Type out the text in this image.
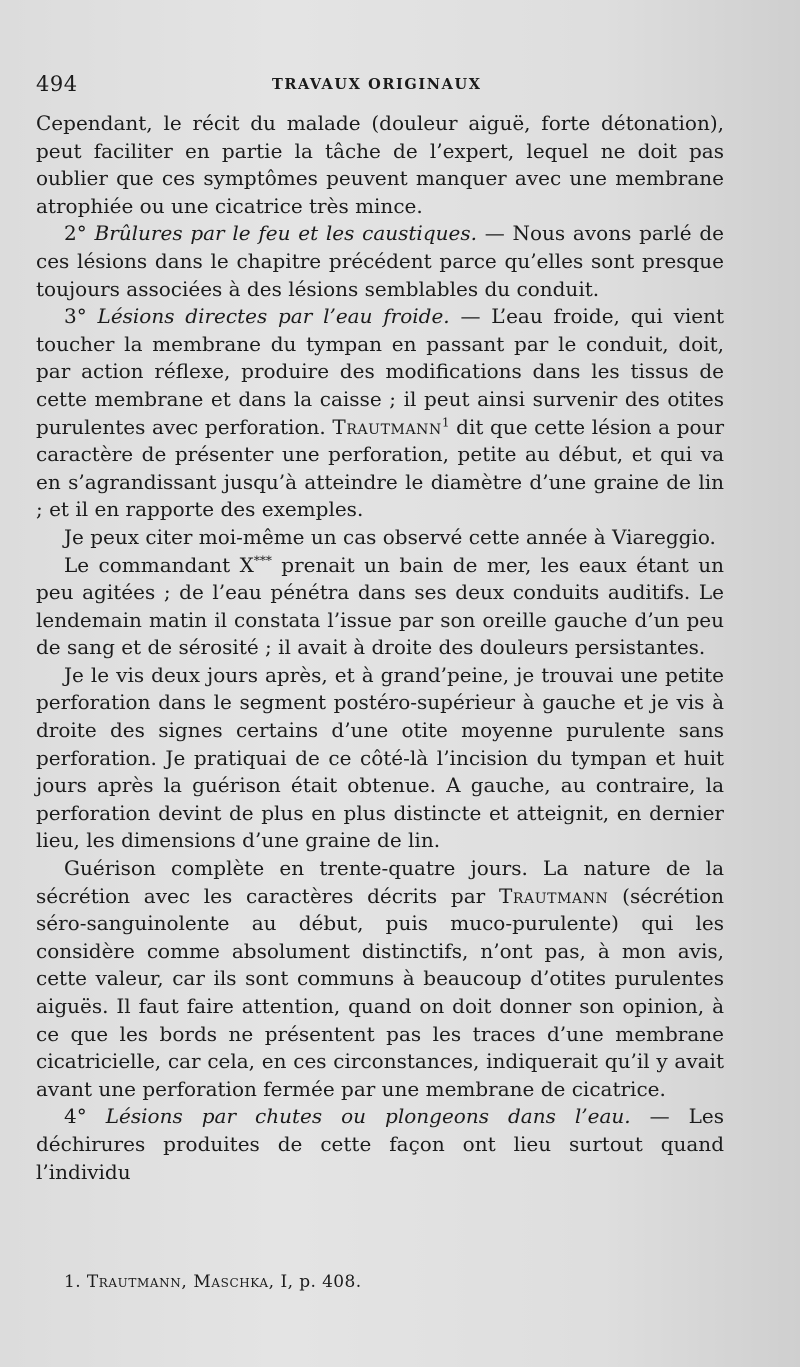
494	TRAVAUX ORIGINAUX

Cependant, le récit du malade (douleur aiguë, forte détonation), peut faciliter en partie la tâche de l’expert, lequel ne doit pas oublier que ces symptômes peuvent manquer avec une membrane atrophiée ou une cicatrice très mince.

2° Brûlures par le feu et les caustiques. — Nous avons parlé de ces lésions dans le chapitre précédent parce qu’elles sont presque toujours associées à des lésions semblables du conduit.

3° Lésions directes par l’eau froide. — L’eau froide, qui vient toucher la membrane du tympan en passant par le conduit, doit, par action réflexe, produire des modifications dans les tissus de cette membrane et dans la caisse ; il peut ainsi survenir des otites purulentes avec perforation. Trautmann$^1$ dit que cette lésion a pour caractère de présenter une perforation, petite au début, et qui va en s’agrandissant jusqu’à atteindre le diamètre d’une graine de lin ; et il en rapporte des exemples.

Je peux citer moi-même un cas observé cette année à Viareggio.

Le commandant X*** prenait un bain de mer, les eaux étant un peu agitées ; de l’eau pénétra dans ses deux conduits auditifs. Le lendemain matin il constata l’issue par son oreille gauche d’un peu de sang et de sérosité ; il avait à droite des douleurs persistantes.

Je le vis deux jours après, et à grand’peine, je trouvai une petite perforation dans le segment postéro-supérieur à gauche et je vis à droite des signes certains d’une otite moyenne purulente sans perforation. Je pratiquai de ce côté-là l’incision du tympan et huit jours après la guérison était obtenue. A gauche, au contraire, la perforation devint de plus en plus distincte et atteignit, en dernier lieu, les dimensions d’une graine de lin.

Guérison complète en trente-quatre jours. La nature de la sécrétion avec les caractères décrits par Trautmann (sécrétion séro-sanguinolente au début, puis muco-purulente) qui les considère comme absolument distinctifs, n’ont pas, à mon avis, cette valeur, car ils sont communs à beaucoup d’otites purulentes aiguës. Il faut faire attention, quand on doit donner son opinion, à ce que les bords ne présentent pas les traces d’une membrane cicatricielle, car cela, en ces circonstances, indiquerait qu’il y avait avant une perforation fermée par une membrane de cicatrice.

4° Lésions par chutes ou plongeons dans l’eau. — Les déchirures produites de cette façon ont lieu surtout quand l’individu

1. Trautmann, Maschka, I, p. 408.
